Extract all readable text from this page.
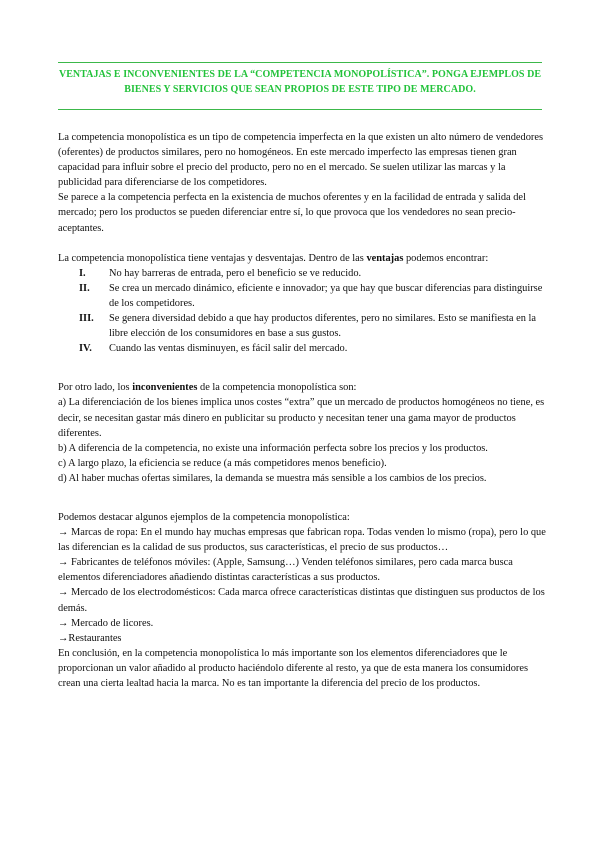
VENTAJAS E INCONVENIENTES DE LA “COMPETENCIA MONOPOLÍSTICA”. PONGA EJEMPLOS DE BIENES Y SERVICIOS QUE SEAN PROPIOS DE ESTE TIPO DE MERCADO.

La competencia monopolística es un tipo de competencia imperfecta en la que existen un alto número de vendedores (oferentes) de productos similares, pero no homogéneos. En este mercado imperfecto las empresas tienen gran capacidad para influir sobre el precio del producto, pero no en el mercado. Se suelen utilizar las marcas y la publicidad para diferenciarse de los competidores.

Se parece a la competencia perfecta en la existencia de muchos oferentes y en la facilidad de entrada y salida del mercado; pero los productos se pueden diferenciar entre sí, lo que provoca que los vendedores no sean precio-aceptantes.

La competencia monopolística tiene ventajas y desventajas. Dentro de las ventajas podemos encontrar:

I.	No hay barreras de entrada, pero el beneficio se ve reducido.
II.	Se crea un mercado dinámico, eficiente e innovador; ya que hay que buscar diferencias para distinguirse de los competidores.
III.	Se genera diversidad debido a que hay productos diferentes, pero no similares. Esto se manifiesta en la libre elección de los consumidores en base a sus gustos.
IV.	Cuando las ventas disminuyen, es fácil salir del mercado.

Por otro lado, los inconvenientes de la competencia monopolística son:

a) La diferenciación de los bienes implica unos costes “extra” que un mercado de productos homogéneos no tiene, es decir, se necesitan gastar más dinero en publicitar su producto y necesitan tener una gama mayor de productos diferentes.

b) A diferencia de la competencia, no existe una información perfecta sobre los precios y los productos.

c) A largo plazo, la eficiencia se reduce (a más competidores menos beneficio).

d) Al haber muchas ofertas similares, la demanda se muestra más sensible a los cambios de los precios.

Podemos destacar algunos ejemplos de la competencia monopolística:

→ Marcas de ropa: En el mundo hay muchas empresas que fabrican ropa. Todas venden lo mismo (ropa), pero lo que las diferencian es la calidad de sus productos, sus características, el precio de sus productos…

→ Fabricantes de teléfonos móviles: (Apple, Samsung…) Venden teléfonos similares, pero cada marca busca elementos diferenciadores añadiendo distintas características a sus productos.

→ Mercado de los electrodomésticos: Cada marca ofrece características distintas que distinguen sus productos de los demás.

→ Mercado de licores.

→Restaurantes

En conclusión, en la competencia monopolística lo más importante son los elementos diferenciadores que le proporcionan un valor añadido al producto haciéndolo diferente al resto, ya que de esta manera los consumidores crean una cierta lealtad hacia la marca. No es tan importante la diferencia del precio de los productos.
